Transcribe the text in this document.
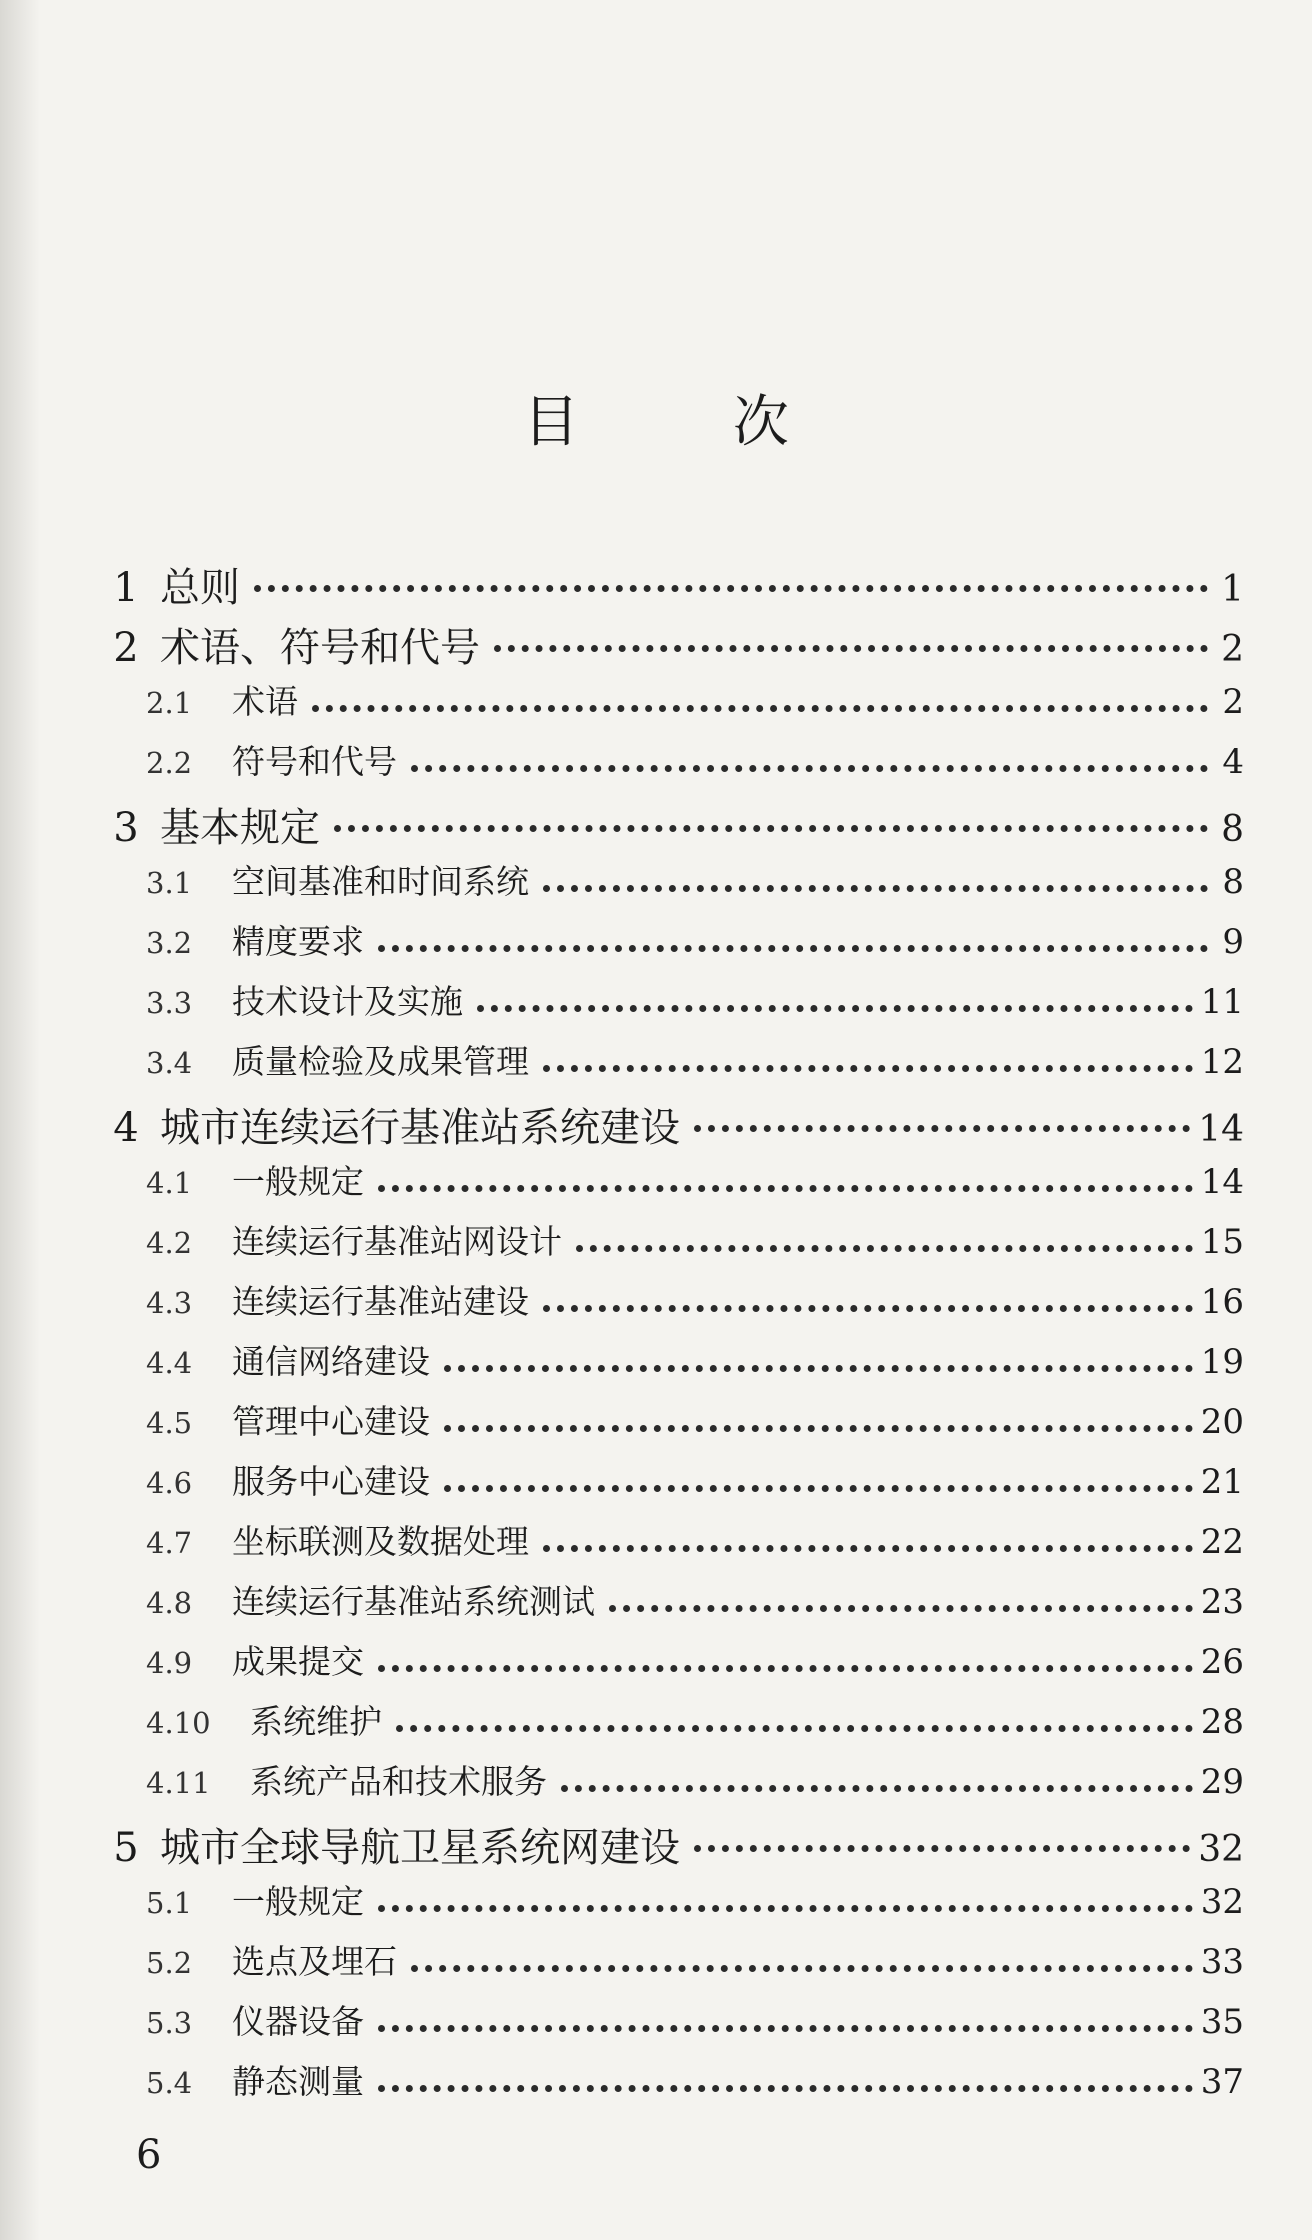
目 次
1 总则	1
2 术语、符号和代号	2
2.1	术语	2
2.2	符号和代号	4
3 基本规定	8
3.1	空间基准和时间系统	8
3.2	精度要求	9
3.3	技术设计及实施	11
3.4	质量检验及成果管理	12
4 城市连续运行基准站系统建设	14
4.1	一般规定	14
4.2	连续运行基准站网设计	15
4.3	连续运行基准站建设	16
4.4	通信网络建设	19
4.5	管理中心建设	20
4.6	服务中心建设	21
4.7	坐标联测及数据处理	22
4.8	连续运行基准站系统测试	23
4.9	成果提交	26
4.10	系统维护	28
4.11	系统产品和技术服务	29
5 城市全球导航卫星系统网建设	32
5.1	一般规定	32
5.2	选点及埋石	33
5.3	仪器设备	35
5.4	静态测量	37
6
